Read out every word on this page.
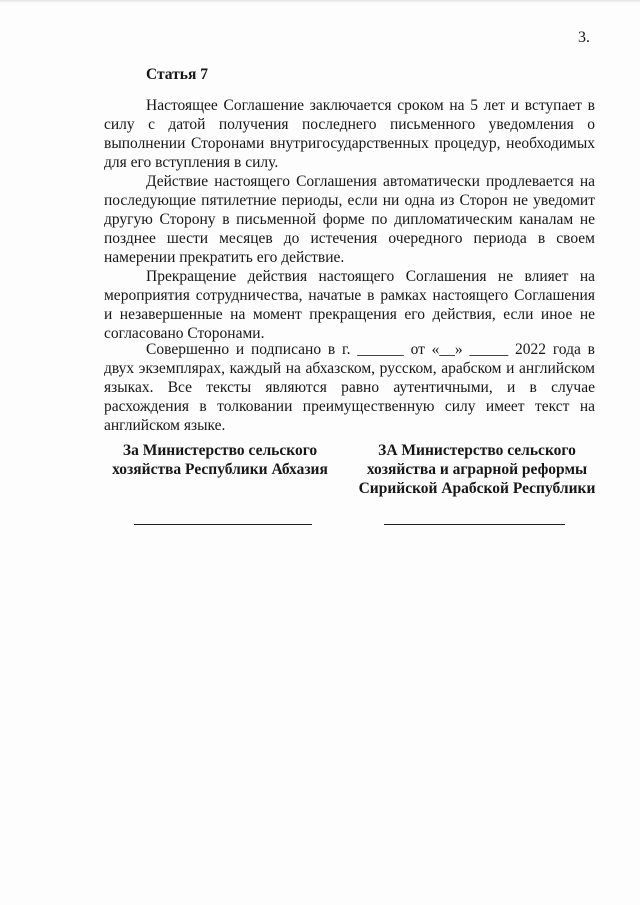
3.
Статья 7

Настоящее Соглашение заключается сроком на 5 лет и вступает в силу с датой получения последнего письменного уведомления о выполнении Сторонами внутригосударственных процедур, необходимых для его вступления в силу.

Действие настоящего Соглашения автоматически продлевается на последующие пятилетние периоды, если ни одна из Сторон не уведомит другую Сторону в письменной форме по дипломатическим каналам не позднее шести месяцев до истечения очередного периода в своем намерении прекратить его действие.

Прекращение действия настоящего Соглашения не влияет на мероприятия сотрудничества, начатые в рамках настоящего Соглашения и незавершенные на момент прекращения его действия, если иное не согласовано Сторонами.

Совершенно и подписано в г. ______ от «__» _____ 2022 года в двух экземплярах, каждый на абхазском, русском, арабском и английском языках. Все тексты являются равно аутентичными, и в случае расхождения в толковании преимущественную силу имеет текст на английском языке.

За Министерство сельского
хозяйства Республики Абхазия
ЗА Министерство сельского
хозяйства и аграрной реформы
Сирийской Арабской Республики
